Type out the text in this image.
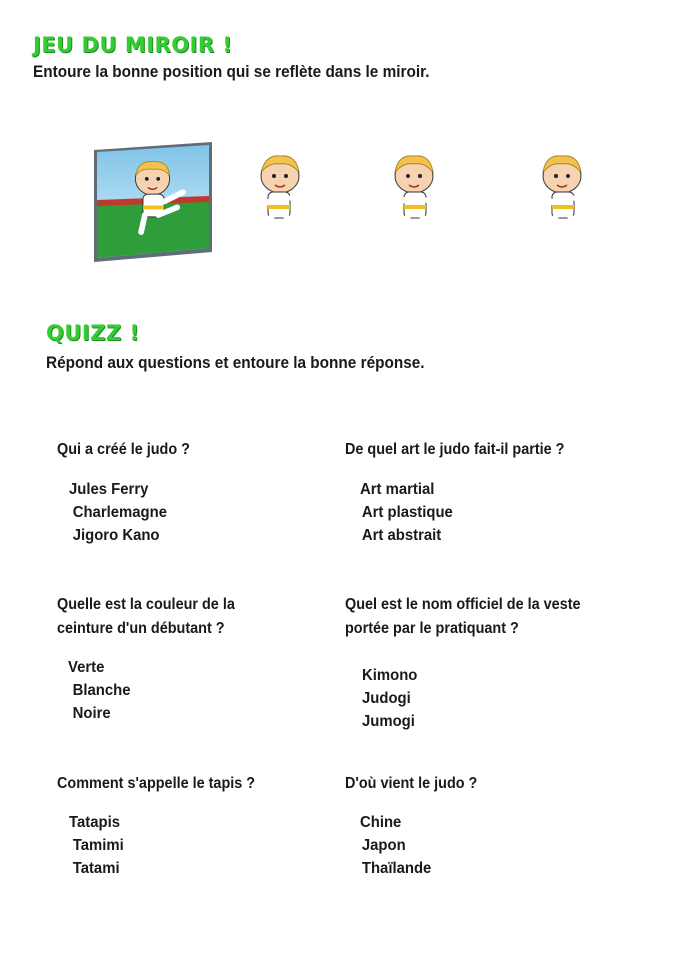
JEU DU MIROIR !
Entoure la bonne position qui se reflète dans le miroir.
QUIZZ !
Répond aux questions et entoure la bonne réponse.
Qui a créé le judo ?
Jules Ferry
Charlemagne
Jigoro Kano
De quel art le judo fait-il partie ?
Art martial
Art plastique
Art abstrait
Quelle est la couleur de la
ceinture d'un débutant ?
Verte
Blanche
Noire
Quel est le nom officiel de la veste
portée par le pratiquant ?
Kimono
Judogi
Jumogi
Comment s'appelle le tapis ?
Tatapis
Tamimi
Tatami
D'où vient le judo ?
Chine
Japon
Thaïlande
